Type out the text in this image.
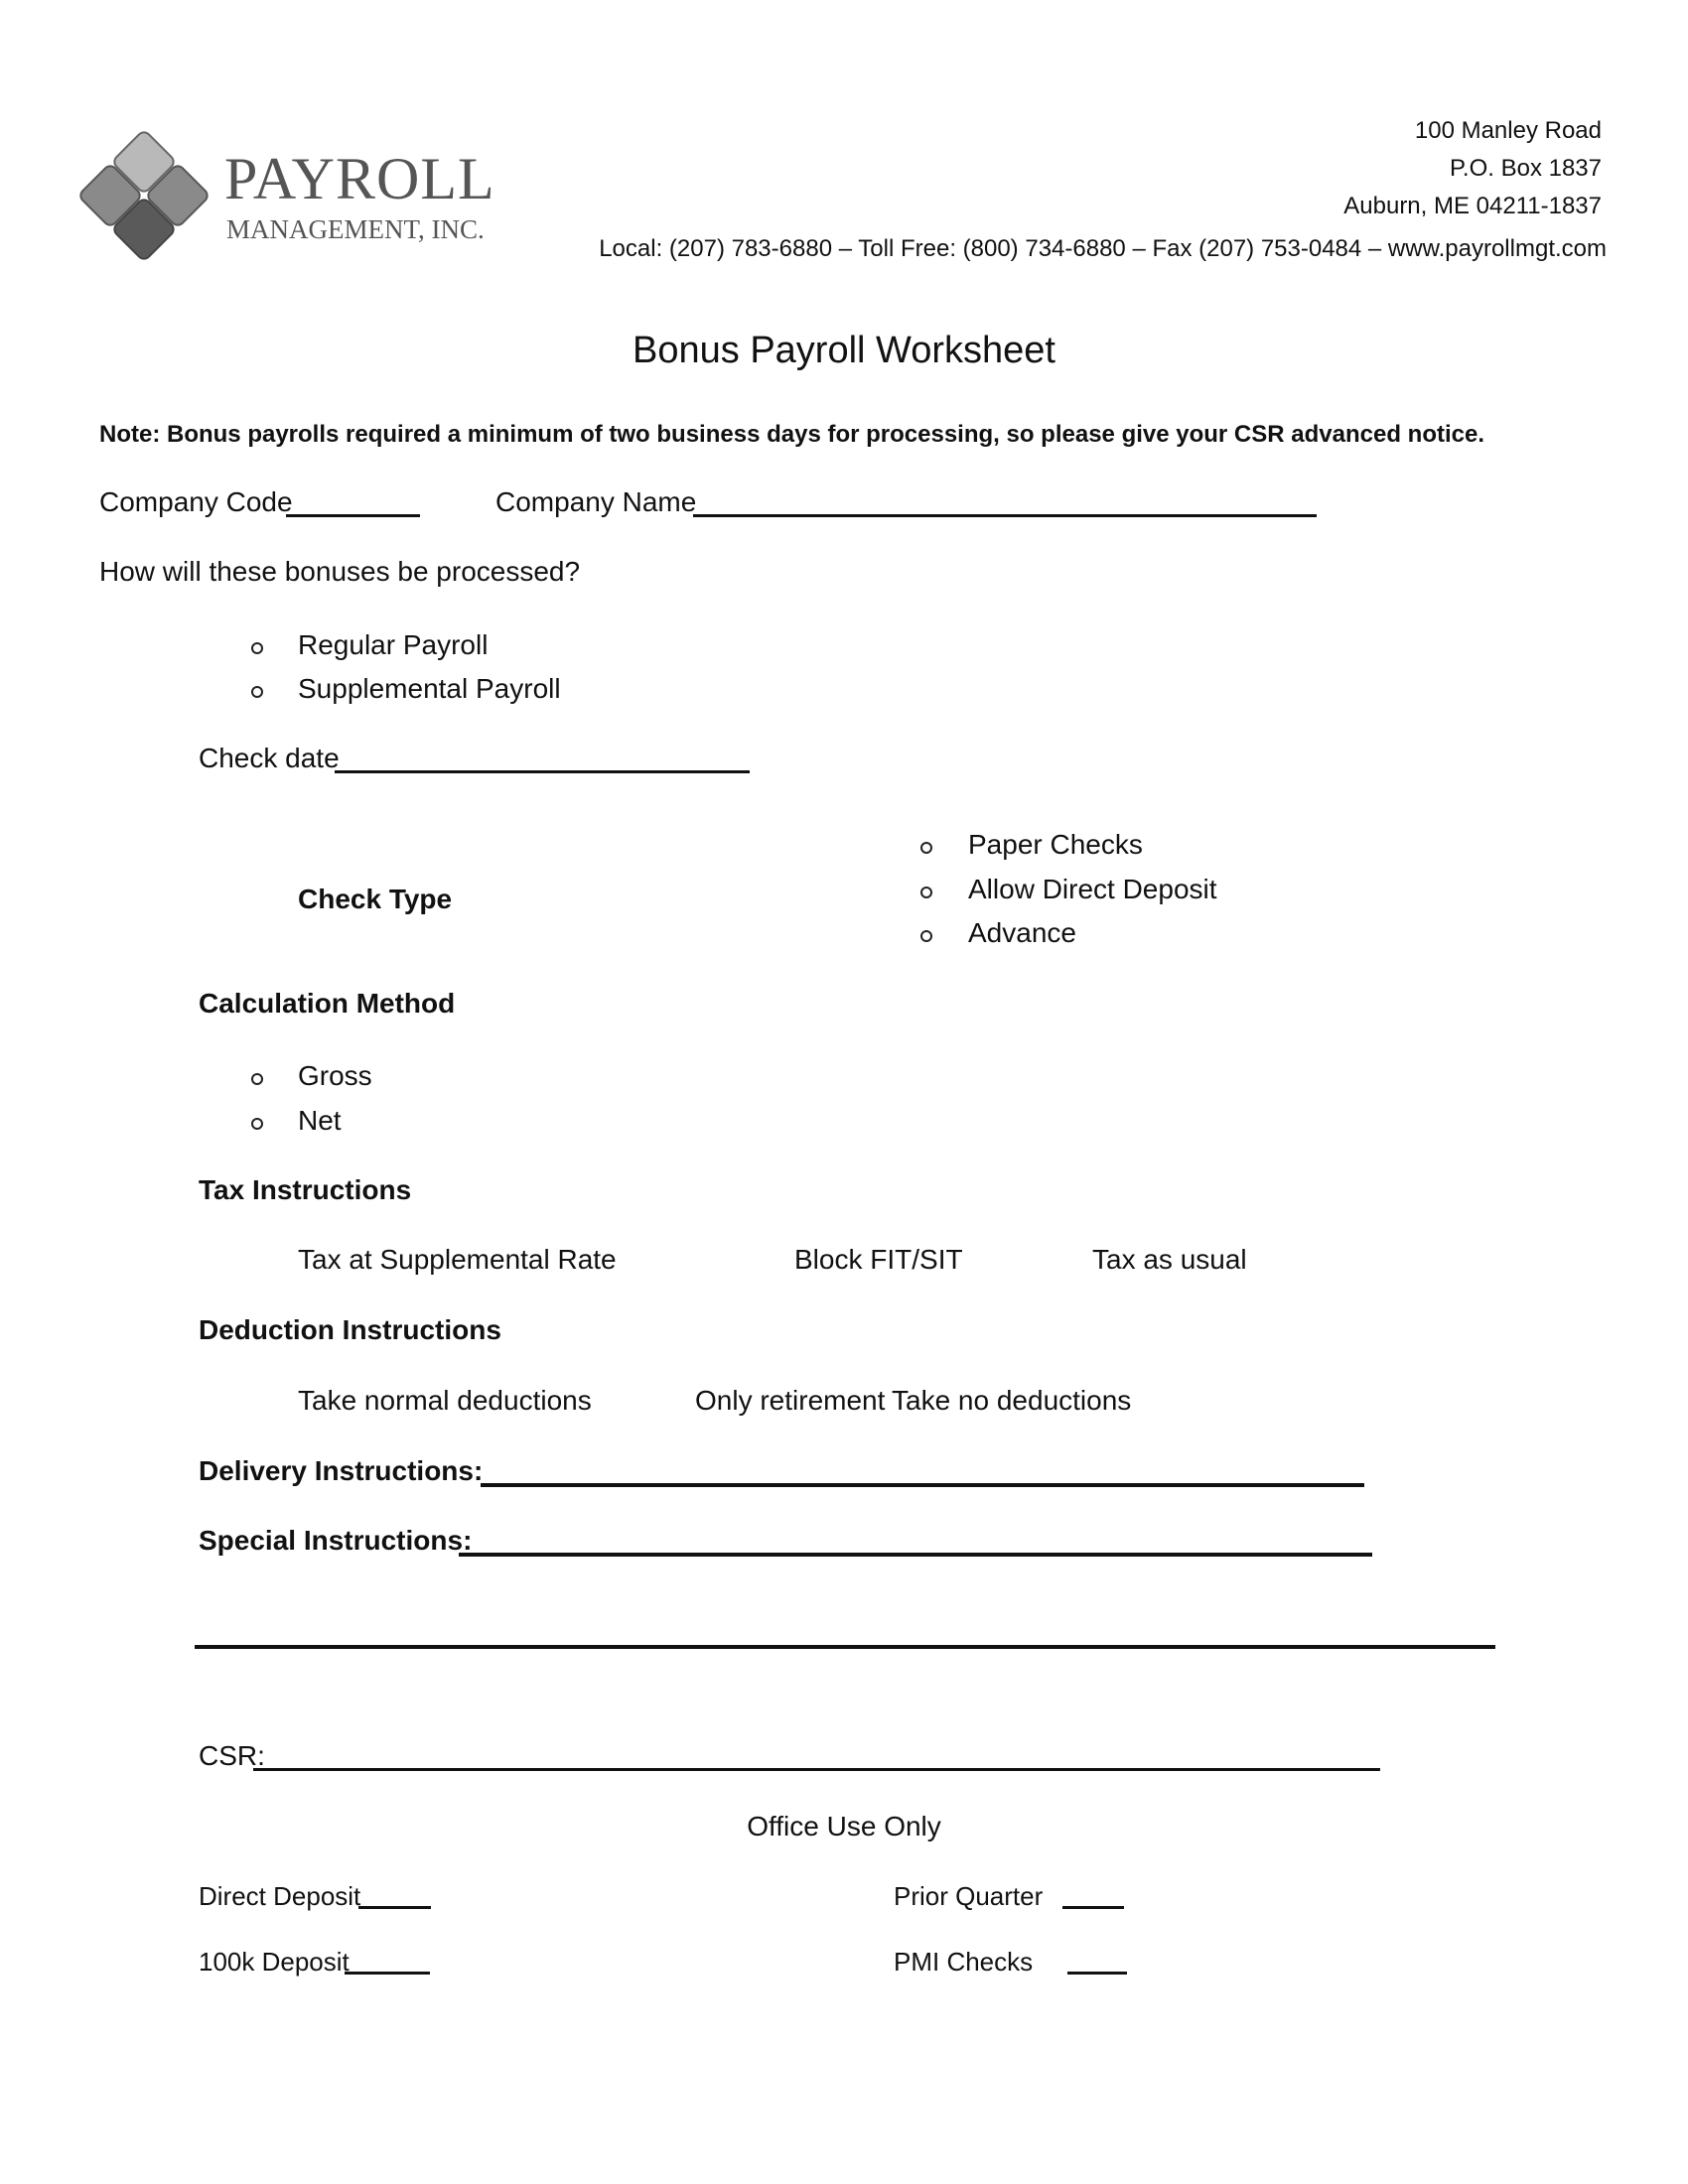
PAYROLL
MANAGEMENT, INC.
100 Manley Road
P.O. Box 1837
Auburn, ME 04211-1837
Local: (207) 783-6880 – Toll Free: (800) 734-6880 – Fax (207) 753-0484 – www.payrollmgt.com
Bonus Payroll Worksheet
Note: Bonus payrolls required a minimum of two business days for processing, so please give your CSR advanced notice.
Company Code	Company Name
How will these bonuses be processed?
Regular Payroll
Supplemental Payroll
Check date
Check Type
Paper Checks
Allow Direct Deposit
Advance
Calculation Method
Gross
Net
Tax Instructions
Tax at Supplemental Rate	Block FIT/SIT	Tax as usual
Deduction Instructions
Take normal deductions	Only retirement Take no deductions
Delivery Instructions:
Special Instructions:
CSR:
Office Use Only
Direct Deposit	Prior Quarter
100k Deposit	PMI Checks
